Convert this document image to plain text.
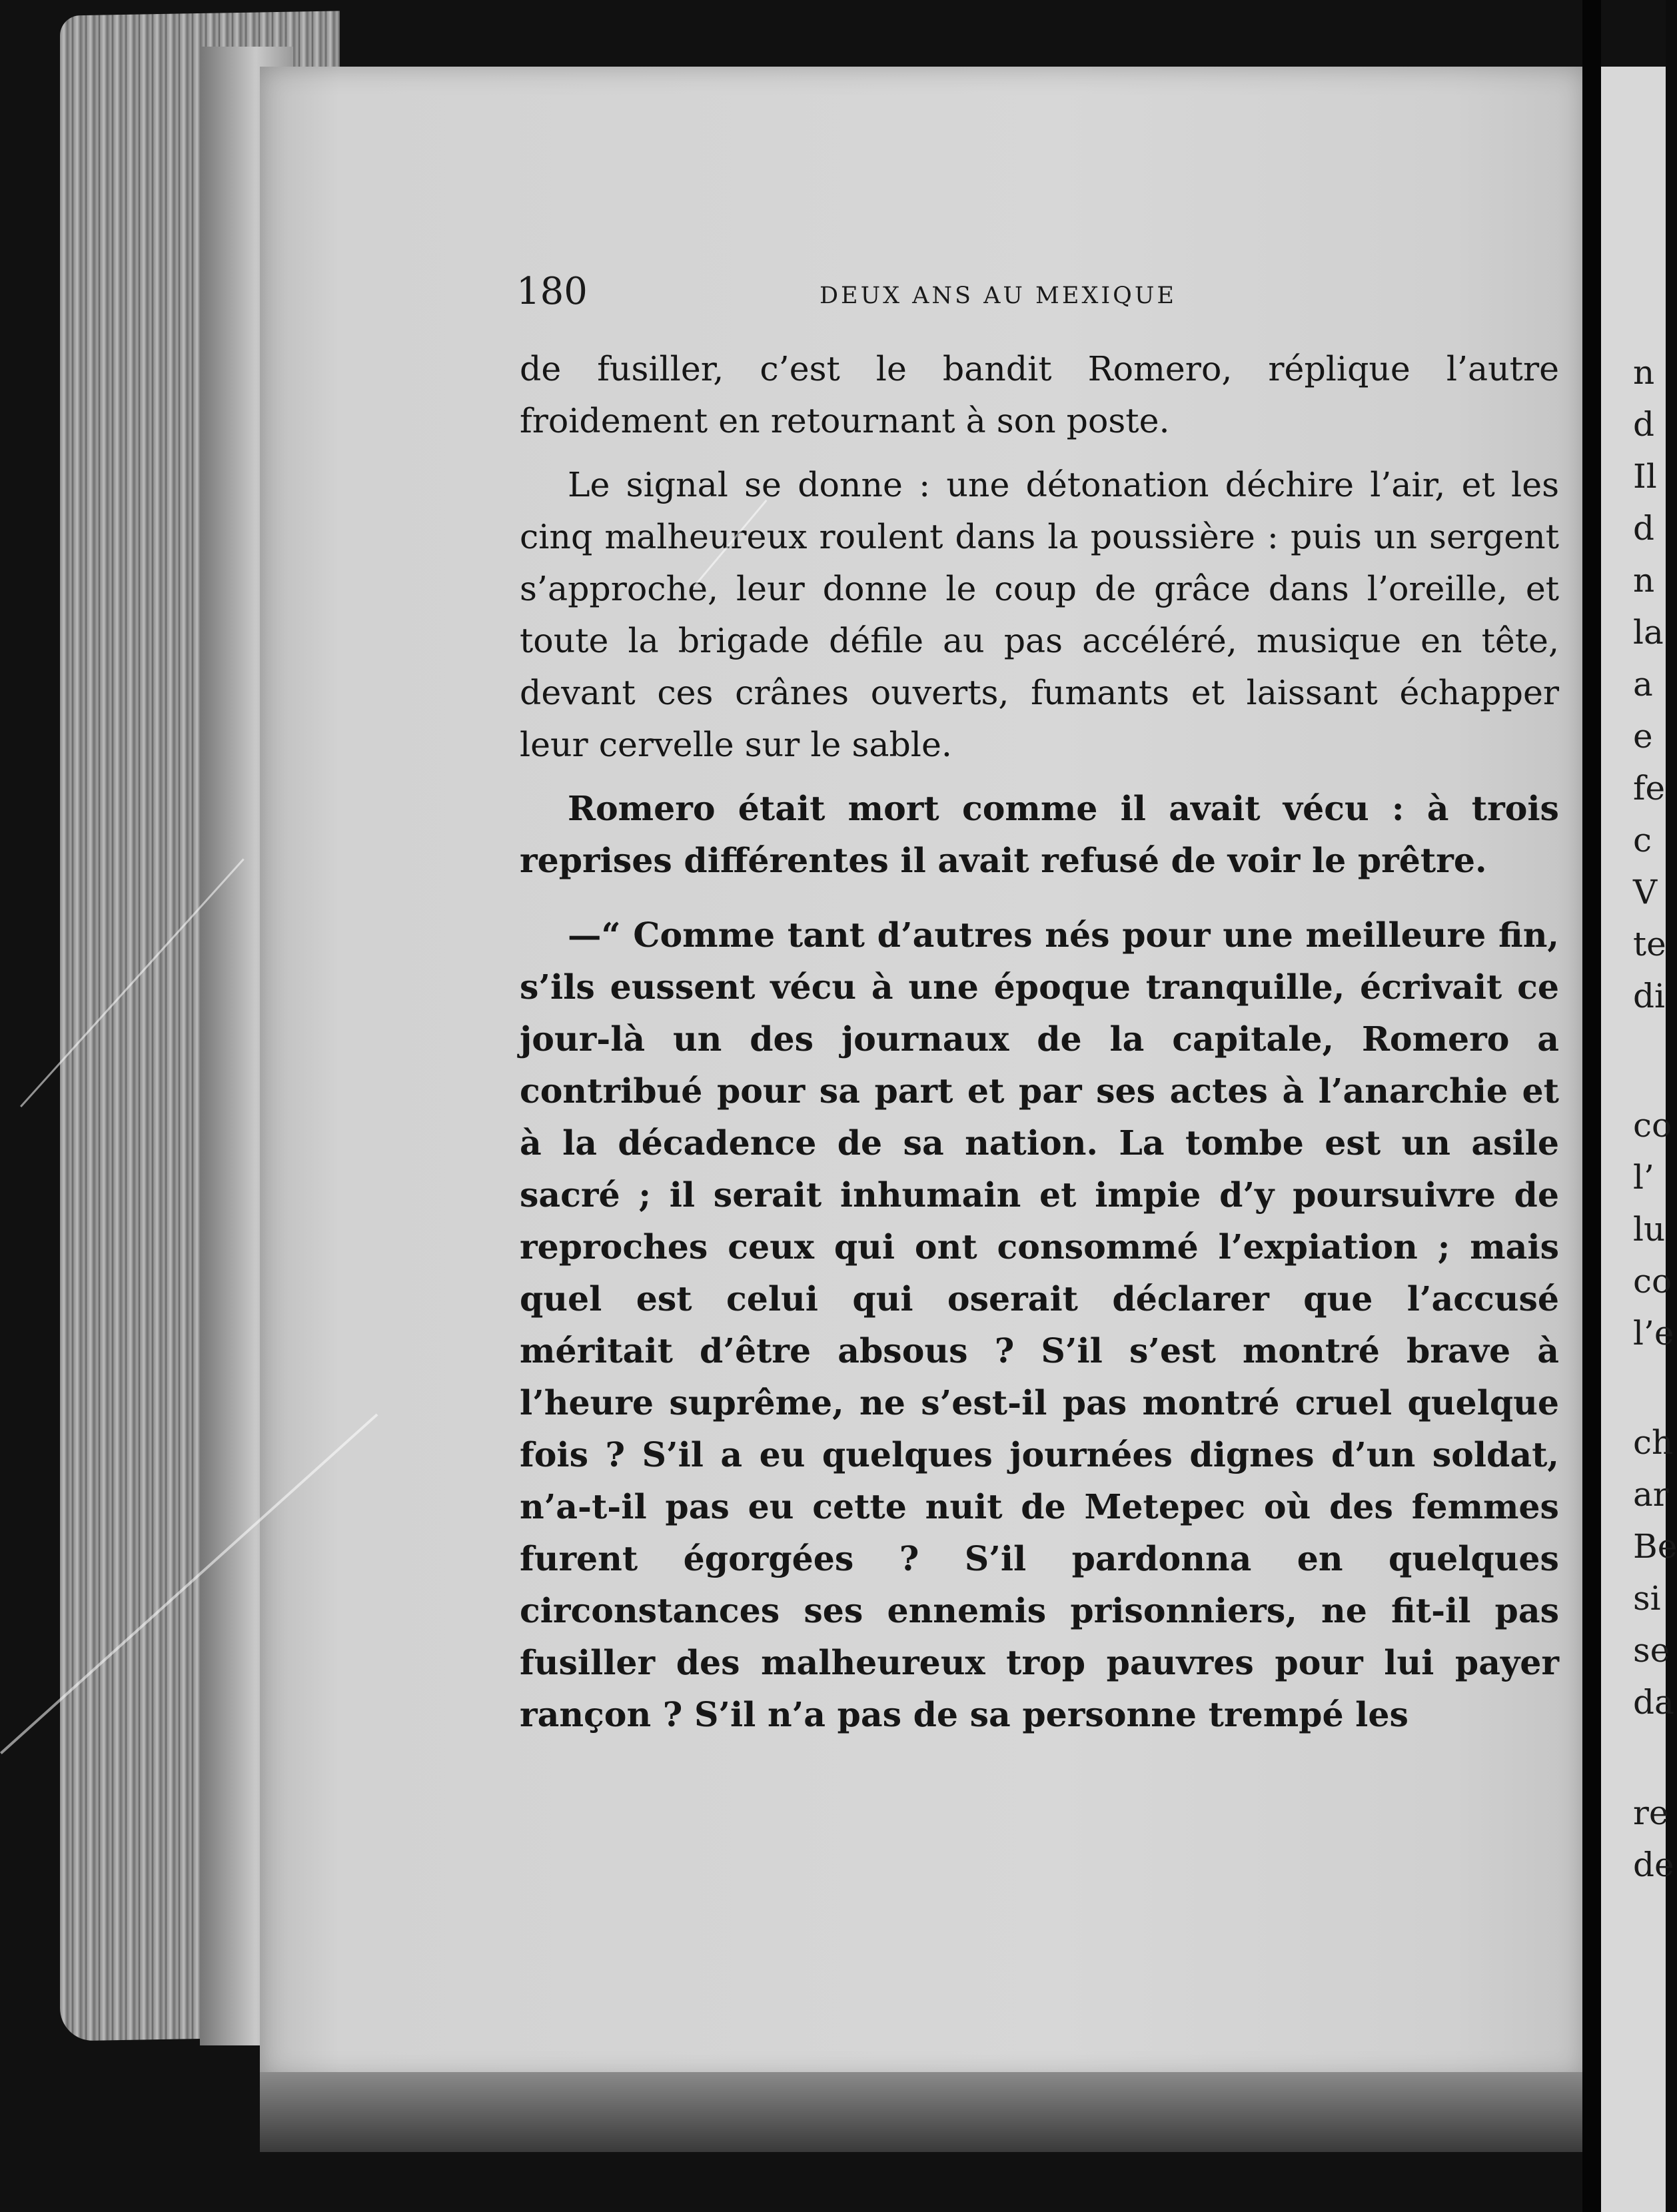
180	DEUX ANS AU MEXIQUE

de fusiller, c’est le bandit Romero, réplique l’autre froidement en retournant à son poste.

Le signal se donne : une détonation déchire l’air, et les cinq malheureux roulent dans la poussière : puis un sergent s’approche, leur donne le coup de grâce dans l’oreille, et toute la brigade défile au pas accéléré, musique en tête, devant ces crânes ouverts, fumants et laissant échapper leur cervelle sur le sable.

Romero était mort comme il avait vécu : à trois reprises différentes il avait refusé de voir le prêtre.

—“ Comme tant d’autres nés pour une meilleure fin, s’ils eussent vécu à une époque tranquille, écrivait ce jour-là un des journaux de la capitale, Romero a contribué pour sa part et par ses actes à l’anarchie et à la décadence de sa nation. La tombe est un asile sacré ; il serait inhumain et impie d’y poursuivre de reproches ceux qui ont consommé l’expiation ; mais quel est celui qui oserait déclarer que l’accusé méritait d’être absous ? S’il s’est montré brave à l’heure suprême, ne s’est-il pas montré cruel quelque fois ? S’il a eu quelques journées dignes d’un soldat, n’a-t-il pas eu cette nuit de Metepec où des femmes furent égorgées ? S’il pardonna en quelques circonstances ses ennemis prisonniers, ne fit-il pas fusiller des malheureux trop pauvres pour lui payer rançon ? S’il n’a pas de sa personne trempé les

n
d
Il
d
n
la
a
e
fe
c
V
te
di
co
l’
lu
co
l’e
ch
ar
Be
si
se
da
re
de
